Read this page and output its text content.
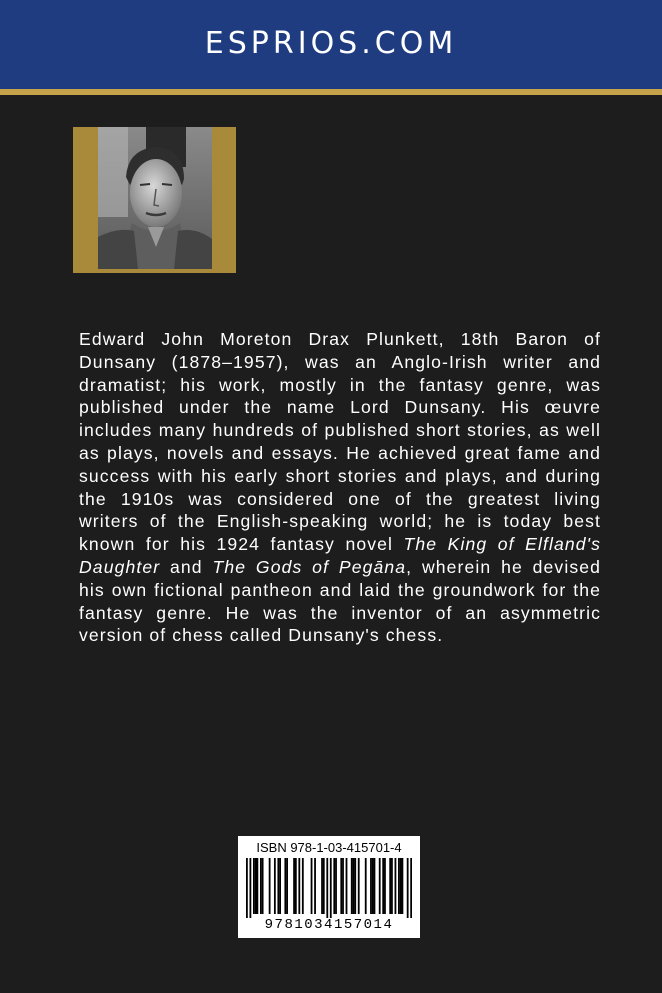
ESPRIOS.COM

Edward John Moreton Drax Plunkett, 18th Baron of Dunsany (1878–1957), was an Anglo-Irish writer and dramatist; his work, mostly in the fantasy genre, was published under the name Lord Dunsany. His œuvre includes many hundreds of published short stories, as well as plays, novels and essays. He achieved great fame and success with his early short stories and plays, and during the 1910s was considered one of the greatest living writers of the English-speaking world; he is today best known for his 1924 fantasy novel The King of Elfland's Daughter and The Gods of Pegāna, wherein he devised his own fictional pantheon and laid the groundwork for the fantasy genre. He was the inventor of an asymmetric version of chess called Dunsany's chess.

ISBN 978-1-03-415701-4
9781034157014
